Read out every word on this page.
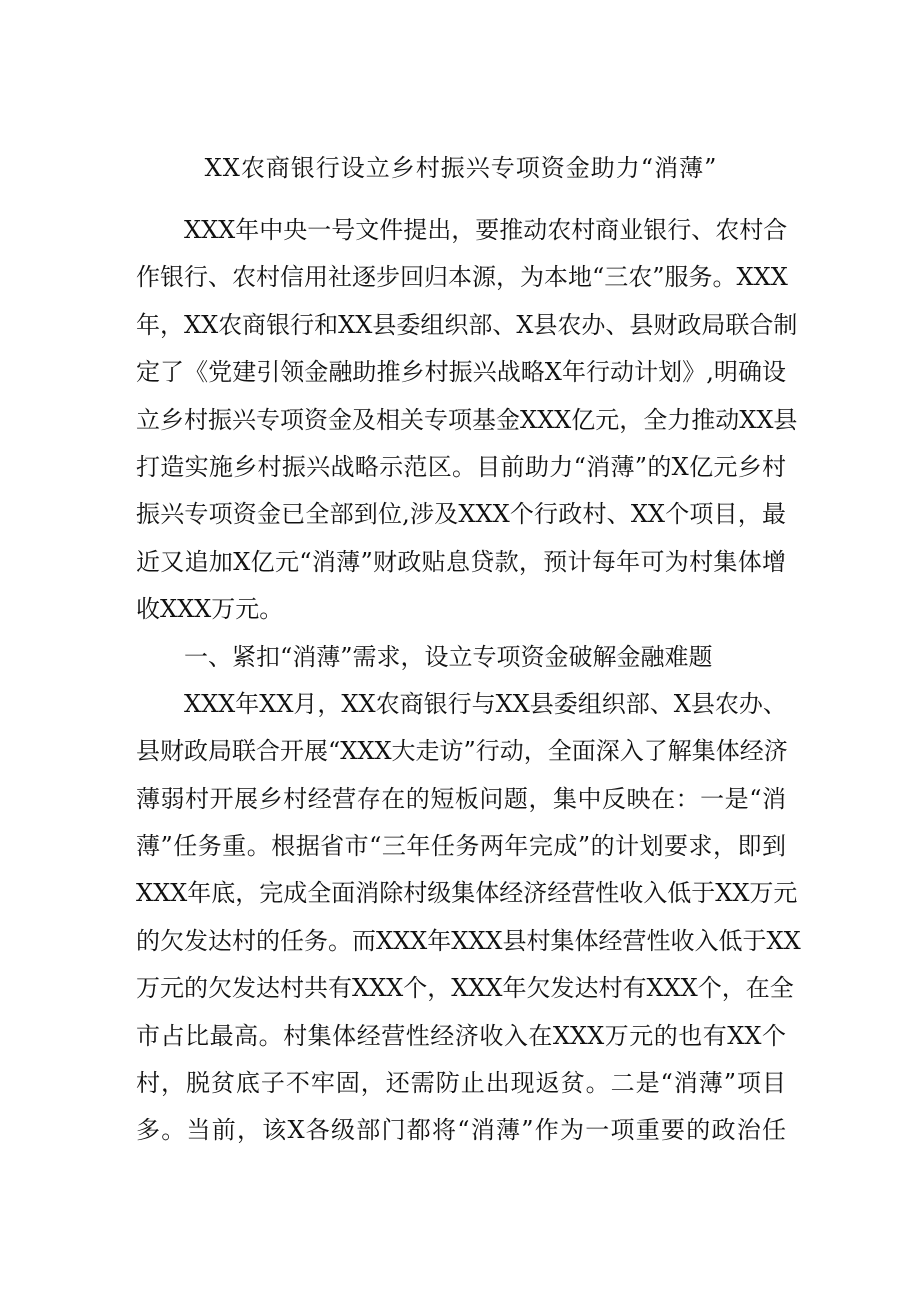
XX农商银行设立乡村振兴专项资金助力“消薄”
XXX年中央一号文件提出，要推动农村商业银行、农村合
作银行、农村信用社逐步回归本源，为本地“三农”服务。XXX
年，XX农商银行和XX县委组织部、X县农办、县财政局联合制
定了《党建引领金融助推乡村振兴战略X年行动计划》,明确设
立乡村振兴专项资金及相关专项基金XXX亿元，全力推动XX县
打造实施乡村振兴战略示范区。目前助力“消薄”的X亿元乡村
振兴专项资金已全部到位,涉及XXX个行政村、XX个项目，最
近又追加X亿元“消薄”财政贴息贷款，预计每年可为村集体增
收XXX万元。
一、紧扣“消薄”需求，设立专项资金破解金融难题
XXX年XX月，XX农商银行与XX县委组织部、X县农办、
县财政局联合开展“XXX大走访”行动，全面深入了解集体经济
薄弱村开展乡村经营存在的短板问题，集中反映在：一是“消
薄”任务重。根据省市“三年任务两年完成”的计划要求，即到
XXX年底，完成全面消除村级集体经济经营性收入低于XX万元
的欠发达村的任务。而XXX年XXX县村集体经营性收入低于XX
万元的欠发达村共有XXX个，XXX年欠发达村有XXX个，在全
市占比最高。村集体经营性经济收入在XXX万元的也有XX个
村，脱贫底子不牢固，还需防止出现返贫。二是“消薄”项目
多。当前，该X各级部门都将“消薄”作为一项重要的政治任
